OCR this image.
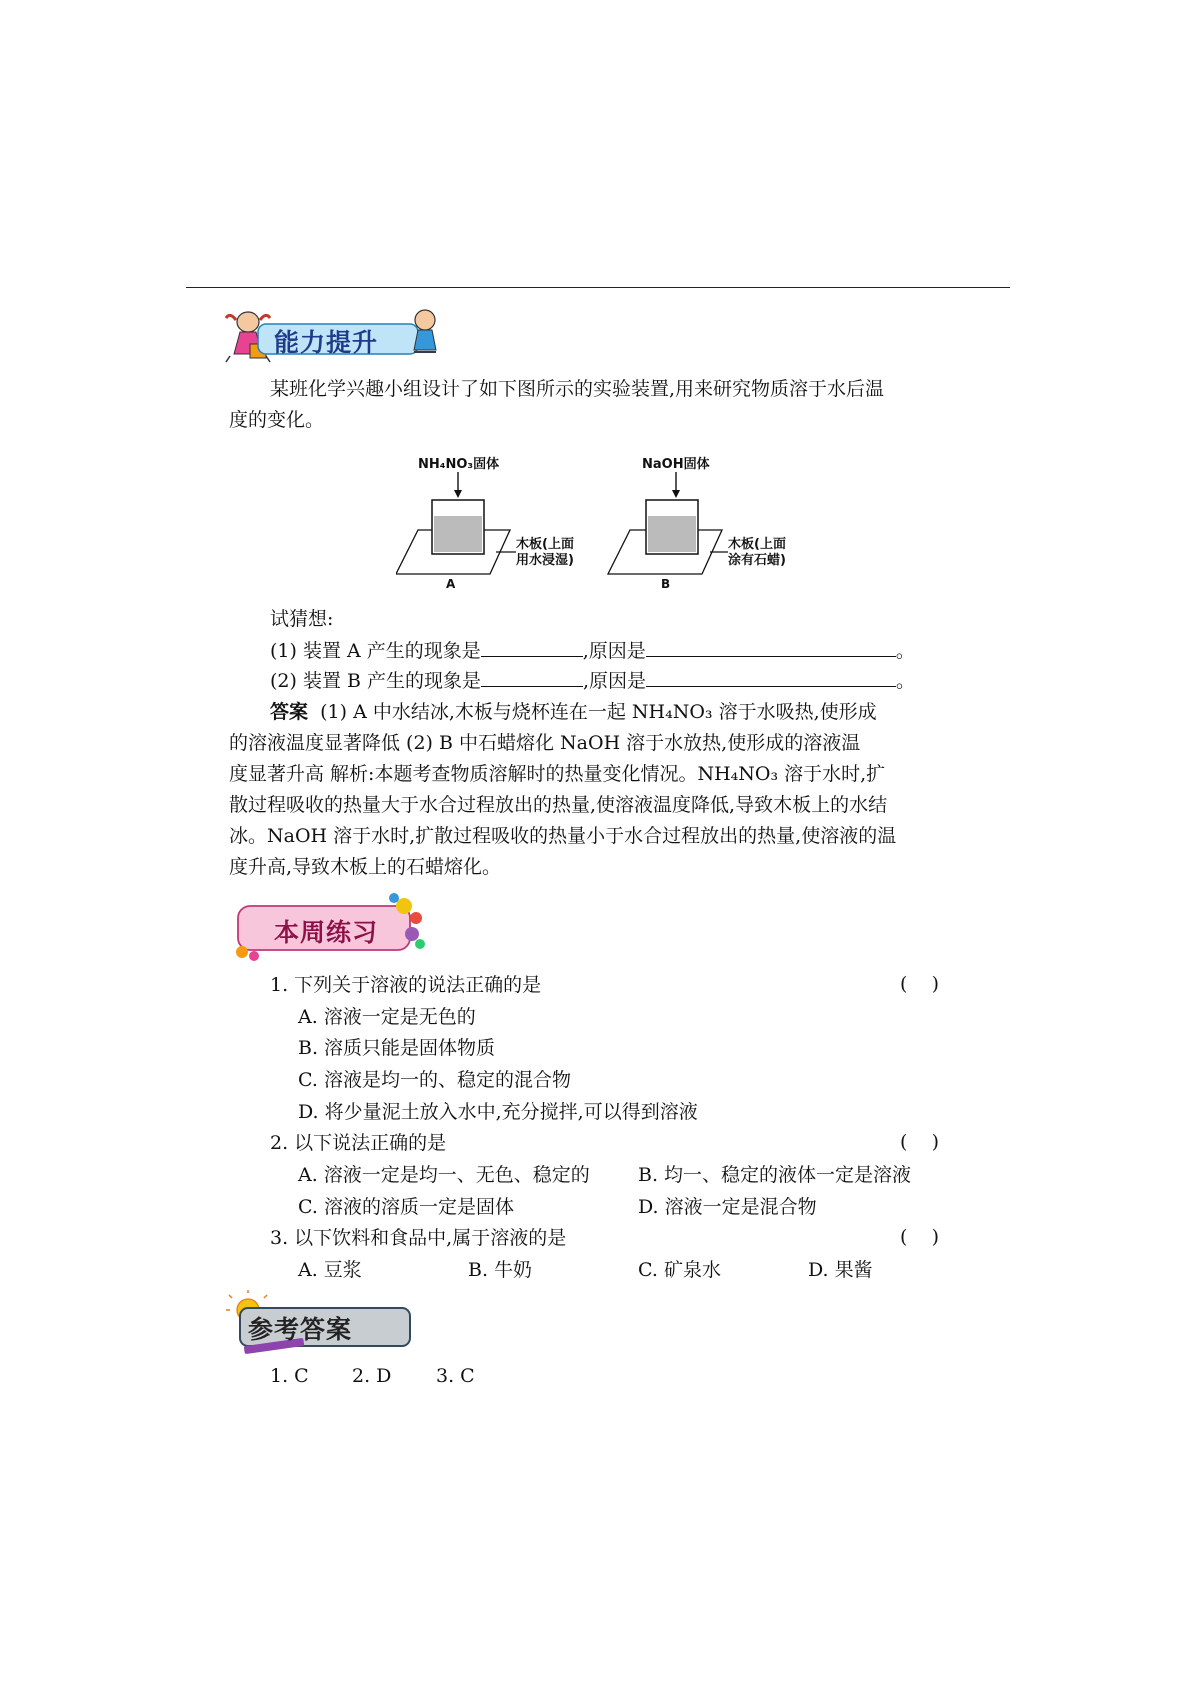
能力提升
某班化学兴趣小组设计了如下图所示的实验装置,用来研究物质溶于水后温
度的变化。
NH₄NO₃固体
木板(上面
用水浸湿)
A
NaOH固体
木板(上面
涂有石蜡)
B
试猜想:
(1) 装置 A 产生的现象是	,原因是	。
(2) 装置 B 产生的现象是	,原因是	。
答案 (1) A 中水结冰,木板与烧杯连在一起 NH₄NO₃ 溶于水吸热,使形成
的溶液温度显著降低 (2) B 中石蜡熔化 NaOH 溶于水放热,使形成的溶液温
度显著升高 解析:本题考查物质溶解时的热量变化情况。NH₄NO₃ 溶于水时,扩
散过程吸收的热量大于水合过程放出的热量,使溶液温度降低,导致木板上的水结
冰。NaOH 溶于水时,扩散过程吸收的热量小于水合过程放出的热量,使溶液的温
度升高,导致木板上的石蜡熔化。
本周练习
1. 下列关于溶液的说法正确的是	(    )
A. 溶液一定是无色的
B. 溶质只能是固体物质
C. 溶液是均一的、稳定的混合物
D. 将少量泥土放入水中,充分搅拌,可以得到溶液
2. 以下说法正确的是	(    )
A. 溶液一定是均一、无色、稳定的	B. 均一、稳定的液体一定是溶液
C. 溶液的溶质一定是固体	D. 溶液一定是混合物
3. 以下饮料和食品中,属于溶液的是	(    )
A. 豆浆	B. 牛奶	C. 矿泉水	D. 果酱
参考答案
1. C 2. D 3. C
